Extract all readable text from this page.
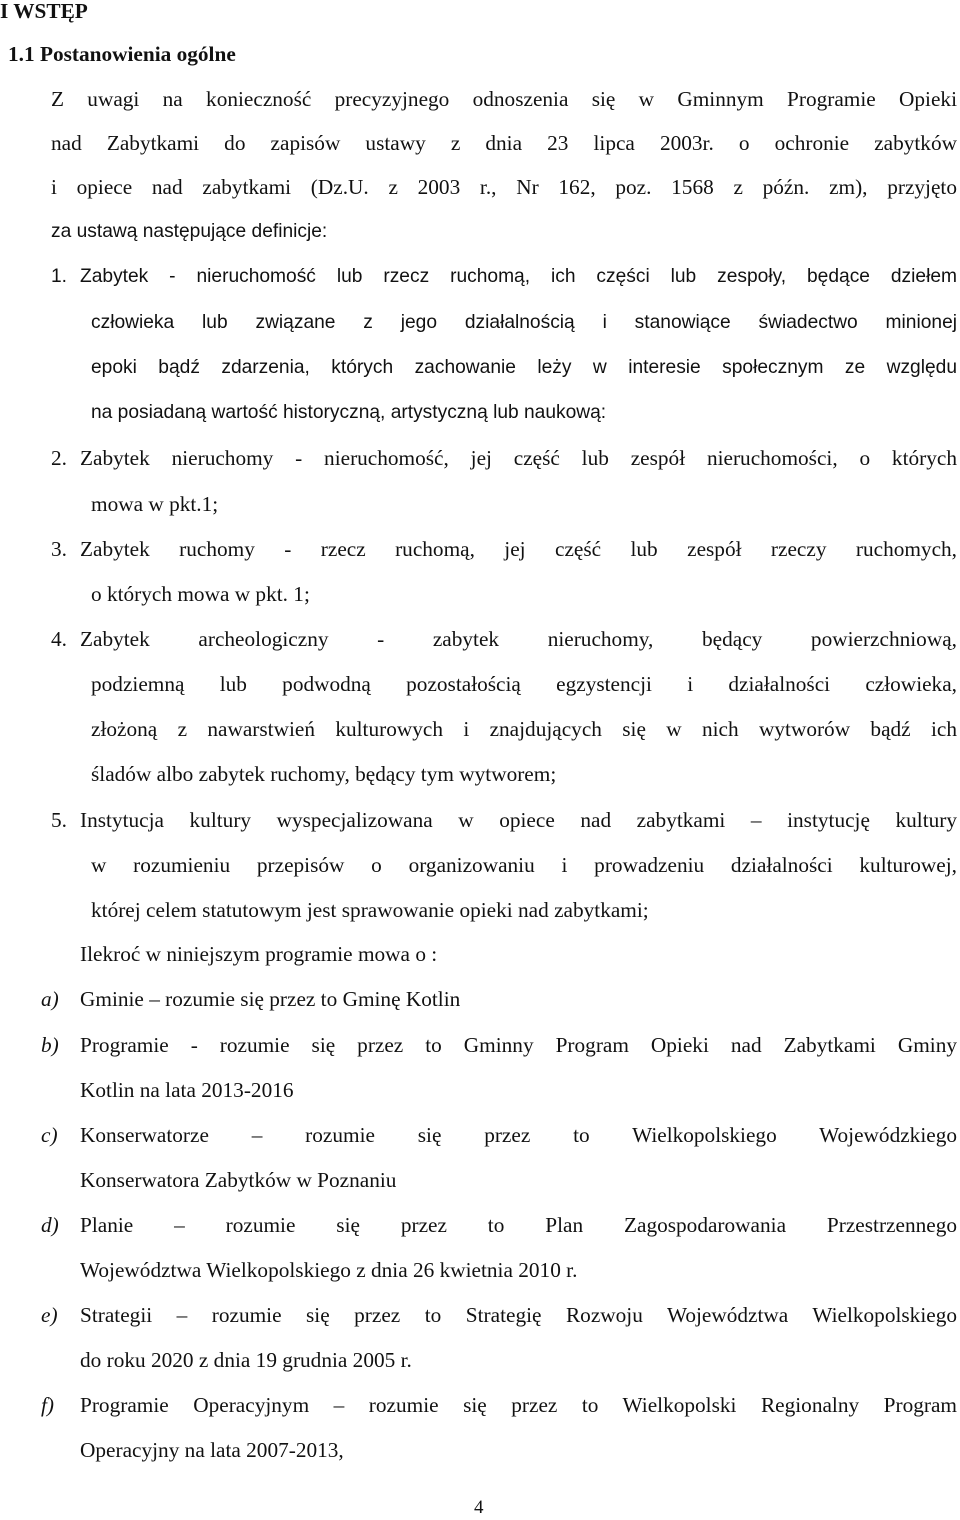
I WSTĘP
1.1 Postanowienia ogólne
Z uwagi na konieczność precyzyjnego odnoszenia się w Gminnym Programie Opieki
nad Zabytkami do zapisów ustawy z dnia 23 lipca 2003r. o ochronie zabytków
i opiece nad zabytkami (Dz.U. z 2003 r., Nr 162, poz. 1568 z późn. zm), przyjęto
za ustawą następujące definicje:
1. Zabytek - nieruchomość lub rzecz ruchomą, ich części lub zespoły, będące dziełem
człowieka lub związane z jego działalnością i stanowiące świadectwo minionej
epoki bądź zdarzenia, których zachowanie leży w interesie społecznym ze względu
na posiadaną wartość historyczną, artystyczną lub naukową:
2. Zabytek nieruchomy - nieruchomość, jej część lub zespół nieruchomości, o których
mowa w pkt.1;
3. Zabytek ruchomy - rzecz ruchomą, jej część lub zespół rzeczy ruchomych,
o których mowa w pkt. 1;
4. Zabytek archeologiczny - zabytek nieruchomy, będący powierzchniową,
podziemną lub podwodną pozostałością egzystencji i działalności człowieka,
złożoną z nawarstwień kulturowych i znajdujących się w nich wytworów bądź ich
śladów albo zabytek ruchomy, będący tym wytworem;
5. Instytucja kultury wyspecjalizowana w opiece nad zabytkami – instytucję kultury
w rozumieniu przepisów o organizowaniu i prowadzeniu działalności kulturowej,
której celem statutowym jest sprawowanie opieki nad zabytkami;
Ilekroć w niniejszym programie mowa o :
a) Gminie – rozumie się przez to Gminę Kotlin
b) Programie - rozumie się przez to Gminny Program Opieki nad Zabytkami Gminy
Kotlin na lata 2013-2016
c) Konserwatorze – rozumie się przez to Wielkopolskiego Wojewódzkiego
Konserwatora Zabytków w Poznaniu
d) Planie – rozumie się przez to Plan Zagospodarowania Przestrzennego
Województwa Wielkopolskiego z dnia 26 kwietnia 2010 r.
e) Strategii – rozumie się przez to Strategię Rozwoju Województwa Wielkopolskiego
do roku 2020 z dnia 19 grudnia 2005 r.
f) Programie Operacyjnym – rozumie się przez to Wielkopolski Regionalny Program
Operacyjny na lata 2007-2013,
4
